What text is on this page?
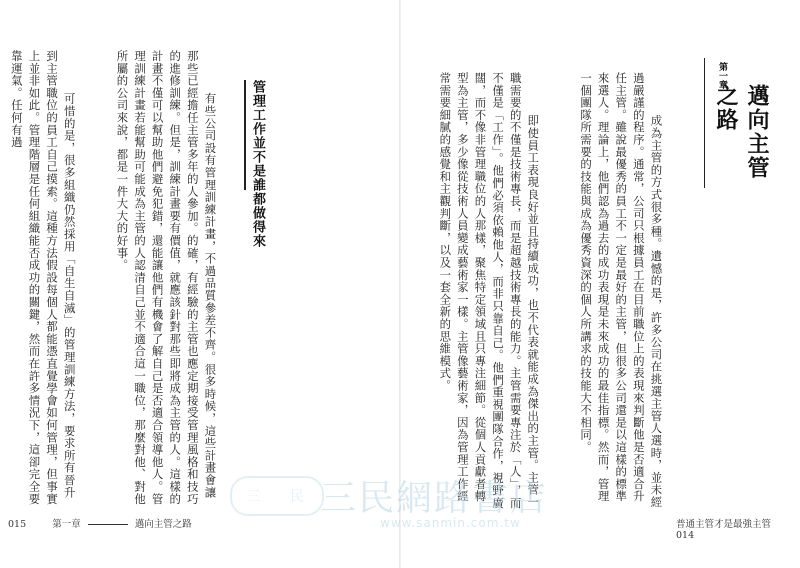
第一章
邁向主管之路

　　成為主管的方式很多種。遺憾的是，許多公司在挑選主管人選時，並未經過嚴謹的程序。通常，公司只根據員工在目前職位上的表現來判斷他是否適合升任主管。雖說最優秀的員工不一定是最好的主管，但很多公司還是以這樣的標準來選人。理論上，他們認為過去的成功表現是未來成功的最佳指標。然而，管理一個團隊所需要的技能與成為優秀資深的個人所講求的技能大不相同。

　　即使員工表現良好並且持續成功，也不代表就能成為傑出的主管。主管一職需要的不僅是技術專長，而是超越技術專長的能力。主管需要專注於「人」，而不僅是「工作」。他們必須依賴他人，而非只靠自己。他們重視團隊合作，視野廣闊，而不像非管理職位的人那樣，聚焦特定領域且只專注細節。從個人貢獻者轉型為主管，多少像從技術人員變成藝術家一樣。主管像藝術家，因為管理工作經常需要細膩的感覺和主觀判斷，以及一套全新的思維模式。

管理工作並不是誰都做得來

　　有些公司設有管理訓練計畫，不過品質參差不齊。很多時候，這些計畫會讓那些已經擔任主管多年的人參加。的確，有經驗的主管也應定期接受管理風格和技巧的進修訓練。但是，訓練計畫要有價值，就應該針對那些即將成為主管的人。這樣的計畫不僅可以幫助他們避免犯錯，還能讓他們有機會了解自己是否適合領導他人。管理訓練計畫若能幫助可能成為主管的人認清自己並不適合這一職位，那麼對他、對他所屬的公司來說，都是一件大大的好事。

　　可惜的是，很多組織仍然採用「自生自滅」的管理訓練方法，要求所有晉升到主管職位的員工自己摸索。這種方法假設每個人都能憑直覺學會如何管理，但事實上並非如此。管理階層是任何組織能否成功的關鍵，然而在許多情況下，這卻完全要靠運氣。任何有過

三 民 三民網路書店
www.sanmin.com.tw
015	第一章	邁向主管之路	普通主管才是最強主管  014
